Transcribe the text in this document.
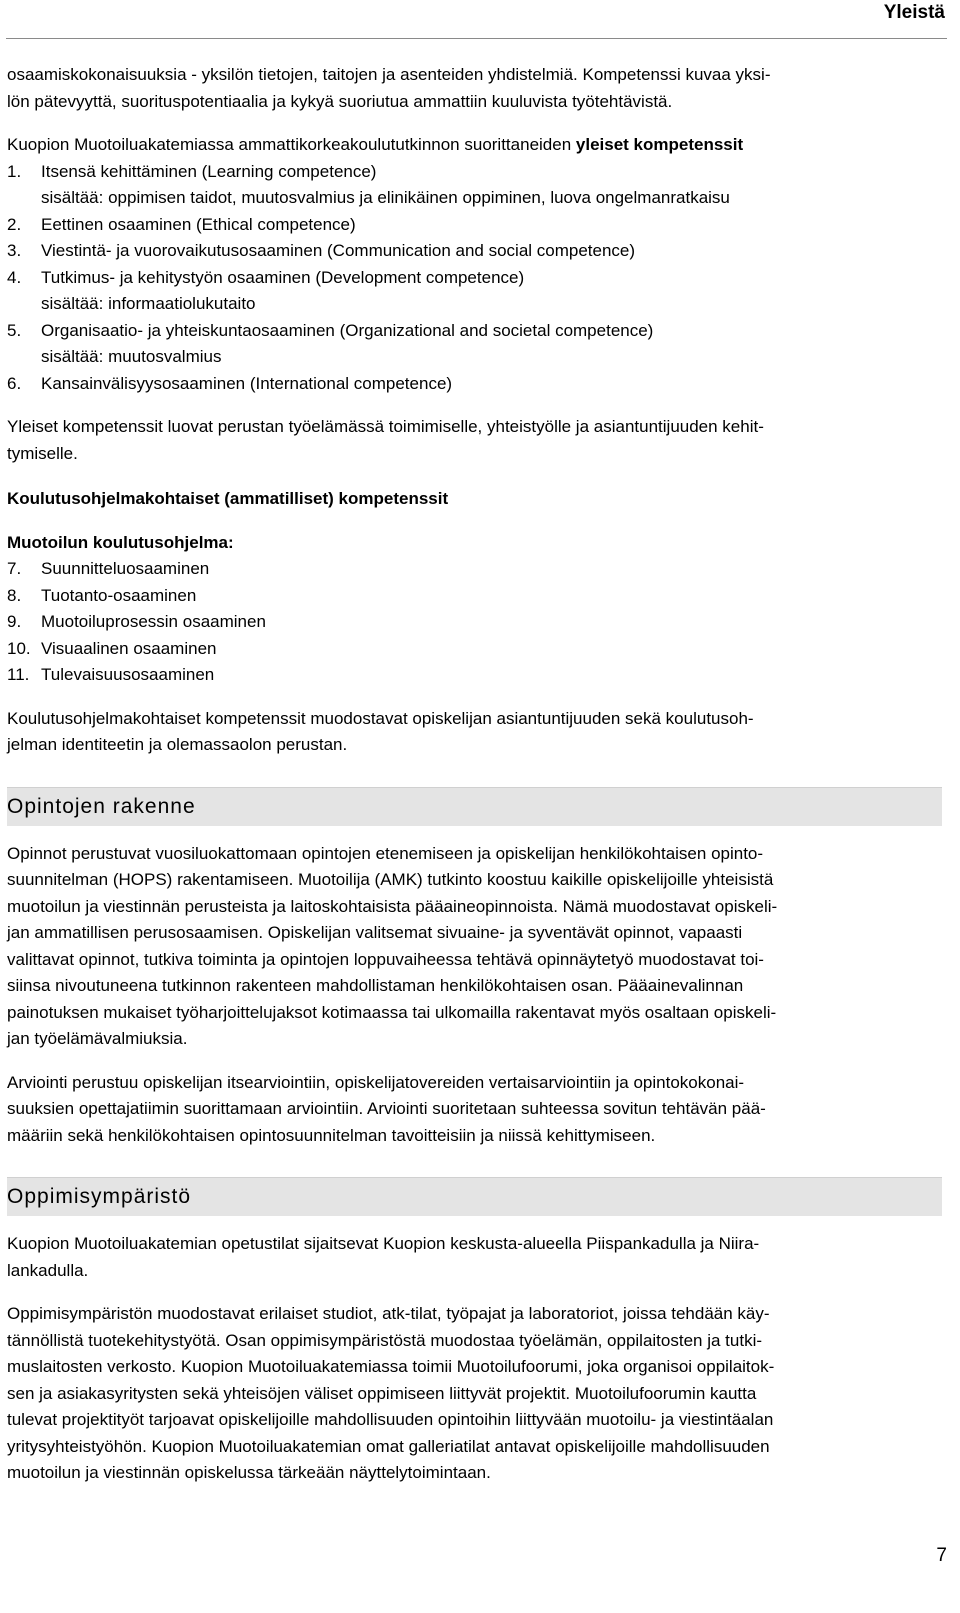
Yleistä

osaamiskokonaisuuksia - yksilön tietojen, taitojen ja asenteiden yhdistelmiä. Kompetenssi kuvaa yksi-

lön pätevyyttä, suorituspotentiaalia ja kykyä suoriutua ammattiin kuuluvista työtehtävistä.

Kuopion Muotoiluakatemiassa ammattikorkeakoulututkinnon suorittaneiden yleiset kompetenssit

1. Itsensä kehittäminen (Learning competence)

sisältää: oppimisen taidot, muutosvalmius ja elinikäinen oppiminen, luova ongelmanratkaisu

2. Eettinen osaaminen (Ethical competence)

3. Viestintä- ja vuorovaikutusosaaminen (Communication and social competence)

4. Tutkimus- ja kehitystyön osaaminen (Development competence)

sisältää: informaatiolukutaito

5. Organisaatio- ja yhteiskuntaosaaminen (Organizational and societal competence)

sisältää: muutosvalmius

6. Kansainvälisyysosaaminen (International competence)

Yleiset kompetenssit luovat perustan työelämässä toimimiselle, yhteistyölle ja asiantuntijuuden kehit-

tymiselle.

Koulutusohjelmakohtaiset (ammatilliset) kompetenssit

Muotoilun koulutusohjelma:

7. Suunnitteluosaaminen

8. Tuotanto-osaaminen

9. Muotoiluprosessin osaaminen

10. Visuaalinen osaaminen

11. Tulevaisuusosaaminen

Koulutusohjelmakohtaiset kompetenssit muodostavat opiskelijan asiantuntijuuden sekä koulutusoh-

jelman identiteetin ja olemassaolon perustan.

Opintojen rakenne

Opinnot perustuvat vuosiluokattomaan opintojen etenemiseen ja opiskelijan henkilökohtaisen opinto-

suunnitelman (HOPS) rakentamiseen. Muotoilija (AMK) tutkinto koostuu kaikille opiskelijoille yhteisistä

muotoilun ja viestinnän perusteista ja laitoskohtaisista pääaineopinnoista. Nämä muodostavat opiskeli-

jan ammatillisen perusosaamisen. Opiskelijan valitsemat sivuaine- ja syventävät opinnot, vapaasti

valittavat opinnot, tutkiva toiminta ja opintojen loppuvaiheessa tehtävä opinnäytetyö muodostavat toi-

siinsa nivoutuneena tutkinnon rakenteen mahdollistaman henkilökohtaisen osan. Pääainevalinnan

painotuksen mukaiset työharjoittelujaksot kotimaassa tai ulkomailla rakentavat myös osaltaan opiskeli-

jan työelämävalmiuksia.

Arviointi perustuu opiskelijan itsearviointiin, opiskelijatovereiden vertaisarviointiin ja opintokokonai-

suuksien opettajatiimin suorittamaan arviointiin. Arviointi suoritetaan suhteessa sovitun tehtävän pää-

määriin sekä henkilökohtaisen opintosuunnitelman tavoitteisiin ja niissä kehittymiseen.

Oppimisympäristö

Kuopion Muotoiluakatemian opetustilat sijaitsevat Kuopion keskusta-alueella Piispankadulla ja Niira-

lankadulla.

Oppimisympäristön muodostavat erilaiset studiot, atk-tilat, työpajat ja laboratoriot, joissa tehdään käy-

tännöllistä tuotekehitystyötä. Osan oppimisympäristöstä muodostaa työelämän, oppilaitosten ja tutki-

muslaitosten verkosto. Kuopion Muotoiluakatemiassa toimii Muotoilufoorumi, joka organisoi oppilaitok-

sen ja asiakasyritysten sekä yhteisöjen väliset oppimiseen liittyvät projektit. Muotoilufoorumin kautta

tulevat projektityöt tarjoavat opiskelijoille mahdollisuuden opintoihin liittyvään muotoilu- ja viestintäalan

yritysyhteistyöhön. Kuopion Muotoiluakatemian omat galleriatilat antavat opiskelijoille mahdollisuuden

muotoilun ja viestinnän opiskelussa tärkeään näyttelytoimintaan.

7
